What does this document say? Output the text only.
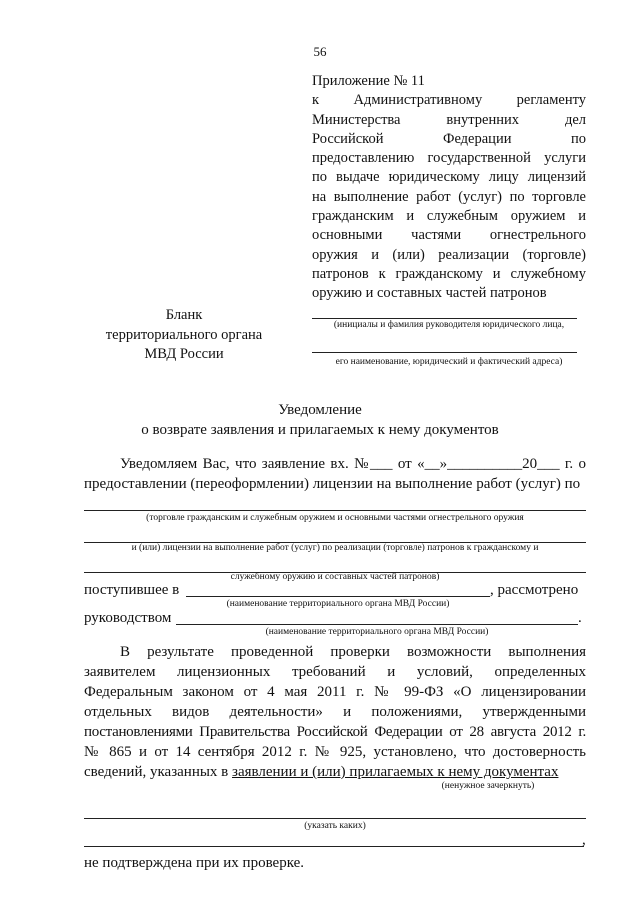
56
Приложение № 11
к Административному регламенту
Министерства внутренних дел
Российской Федерации по
предоставлению государственной услуги
по выдаче юридическому лицу лицензий
на выполнение работ (услуг) по торговле
гражданским и служебным оружием и
основными частями огнестрельного
оружия и (или) реализации (торговле)
патронов к гражданскому и служебному
оружию и составных частей патронов
Бланк
территориального органа
МВД России
(инициалы и фамилия руководителя юридического лица,
его наименование, юридический и фактический адреса)
Уведомление
о возврате заявления и прилагаемых к нему документов
Уведомляем Вас, что заявление вх. №___ от «__»__________20___ г. о
предоставлении (переоформлении) лицензии на выполнение работ (услуг) по
(торговле гражданским и служебным оружием и основными частями огнестрельного оружия
и (или) лицензии на выполнение работ (услуг) по реализации (торговле) патронов к гражданскому и
служебному оружию и составных частей патронов)
поступившее в	, рассмотрено
(наименование территориального органа МВД России)
руководством	.
(наименование территориального органа МВД России)
В результате проведенной проверки возможности выполнения
заявителем лицензионных требований и условий, определенных
Федеральным законом от 4 мая 2011 г. № 99-ФЗ «О лицензировании
отдельных видов деятельности» и положениями, утвержденными
постановлениями Правительства Российской Федерации от 28 августа 2012 г.
№ 865 и от 14 сентября 2012 г. № 925, установлено, что достоверность
сведений, указанных в заявлении и (или) прилагаемых к нему документах
(ненужное зачеркнуть)
(указать каких)
,
не подтверждена при их проверке.
